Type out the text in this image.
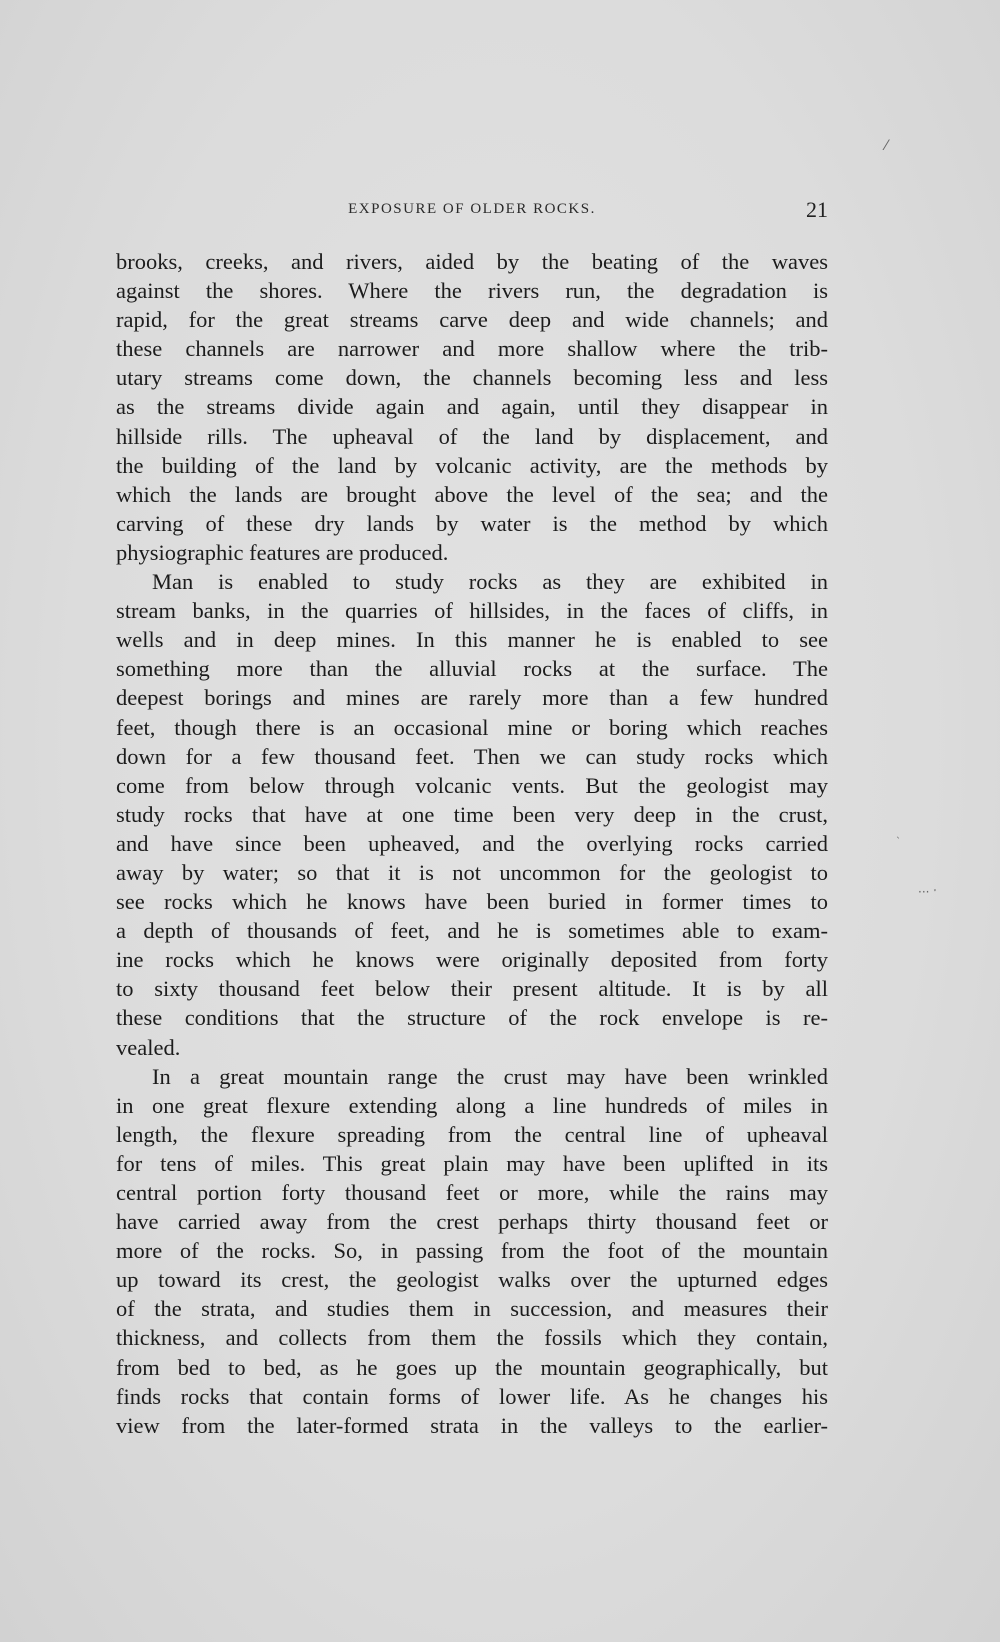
⁄
ˎ
··· ˑ
EXPOSURE OF OLDER ROCKS.	21

brooks, creeks, and rivers, aided by the beating of the waves

against the shores. Where the rivers run, the degradation is

rapid, for the great streams carve deep and wide channels; and

these channels are narrower and more shallow where the trib-

utary streams come down, the channels becoming less and less

as the streams divide again and again, until they disappear in

hillside rills. The upheaval of the land by displacement, and

the building of the land by volcanic activity, are the methods by

which the lands are brought above the level of the sea; and the

carving of these dry lands by water is the method by which

physiographic features are produced.

Man is enabled to study rocks as they are exhibited in

stream banks, in the quarries of hillsides, in the faces of cliffs, in

wells and in deep mines. In this manner he is enabled to see

something more than the alluvial rocks at the surface. The

deepest borings and mines are rarely more than a few hundred

feet, though there is an occasional mine or boring which reaches

down for a few thousand feet. Then we can study rocks which

come from below through volcanic vents. But the geologist may

study rocks that have at one time been very deep in the crust,

and have since been upheaved, and the overlying rocks carried

away by water; so that it is not uncommon for the geologist to

see rocks which he knows have been buried in former times to

a depth of thousands of feet, and he is sometimes able to exam-

ine rocks which he knows were originally deposited from forty

to sixty thousand feet below their present altitude. It is by all

these conditions that the structure of the rock envelope is re-

vealed.

In a great mountain range the crust may have been wrinkled

in one great flexure extending along a line hundreds of miles in

length, the flexure spreading from the central line of upheaval

for tens of miles. This great plain may have been uplifted in its

central portion forty thousand feet or more, while the rains may

have carried away from the crest perhaps thirty thousand feet or

more of the rocks. So, in passing from the foot of the mountain

up toward its crest, the geologist walks over the upturned edges

of the strata, and studies them in succession, and measures their

thickness, and collects from them the fossils which they contain,

from bed to bed, as he goes up the mountain geographically, but

finds rocks that contain forms of lower life. As he changes his

view from the later-formed strata in the valleys to the earlier-
